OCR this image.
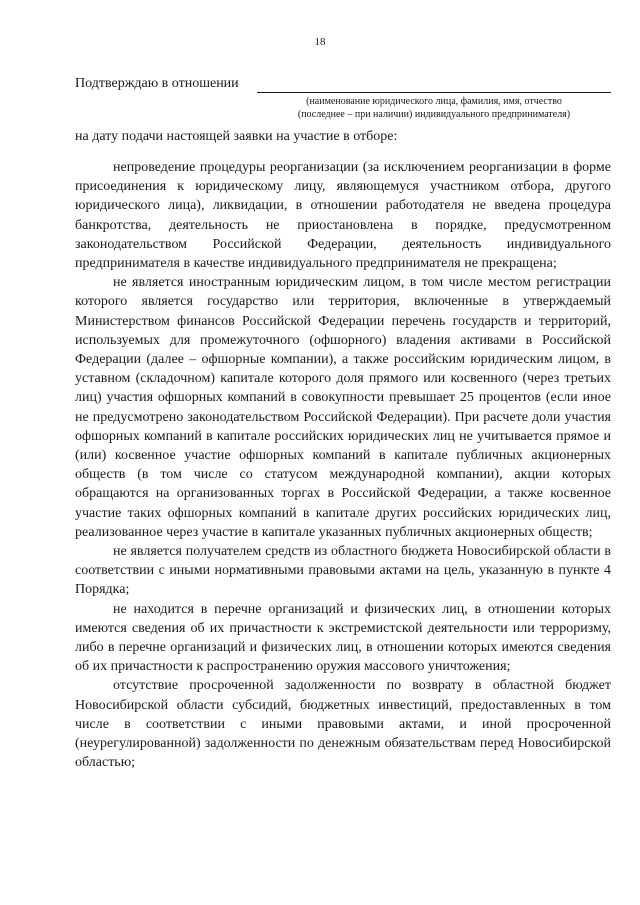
18
Подтверждаю в отношении
(наименование юридического лица, фамилия, имя, отчество
(последнее – при наличии) индивидуального предпринимателя)
на дату подачи настоящей заявки на участие в отборе:

непроведение процедуры реорганизации (за исключением реорганизации в форме присоединения к юридическому лицу, являющемуся участником отбора, другого юридического лица), ликвидации, в отношении работодателя не введена процедура банкротства, деятельность не приостановлена в порядке, предусмотренном законодательством Российской Федерации, деятельность индивидуального предпринимателя в качестве индивидуального предпринимателя не прекращена;

не является иностранным юридическим лицом, в том числе местом регистрации которого является государство или территория, включенные в утверждаемый Министерством финансов Российской Федерации перечень государств и территорий, используемых для промежуточного (офшорного) владения активами в Российской Федерации (далее – офшорные компании), а также российским юридическим лицом, в уставном (складочном) капитале которого доля прямого или косвенного (через третьих лиц) участия офшорных компаний в совокупности превышает 25 процентов (если иное не предусмотрено законодательством Российской Федерации). При расчете доли участия офшорных компаний в капитале российских юридических лиц не учитывается прямое и (или) косвенное участие офшорных компаний в капитале публичных акционерных обществ (в том числе со статусом международной компании), акции которых обращаются на организованных торгах в Российской Федерации, а также косвенное участие таких офшорных компаний в капитале других российских юридических лиц, реализованное через участие в капитале указанных публичных акционерных обществ;

не является получателем средств из областного бюджета Новосибирской области в соответствии с иными нормативными правовыми актами на цель, указанную в пункте 4 Порядка;

не находится в перечне организаций и физических лиц, в отношении которых имеются сведения об их причастности к экстремистской деятельности или терроризму, либо в перечне организаций и физических лиц, в отношении которых имеются сведения об их причастности к распространению оружия массового уничтожения;

отсутствие просроченной задолженности по возврату в областной бюджет Новосибирской области субсидий, бюджетных инвестиций, предоставленных в том числе в соответствии с иными правовыми актами, и иной просроченной (неурегулированной) задолженности по денежным обязательствам перед Новосибирской областью;
